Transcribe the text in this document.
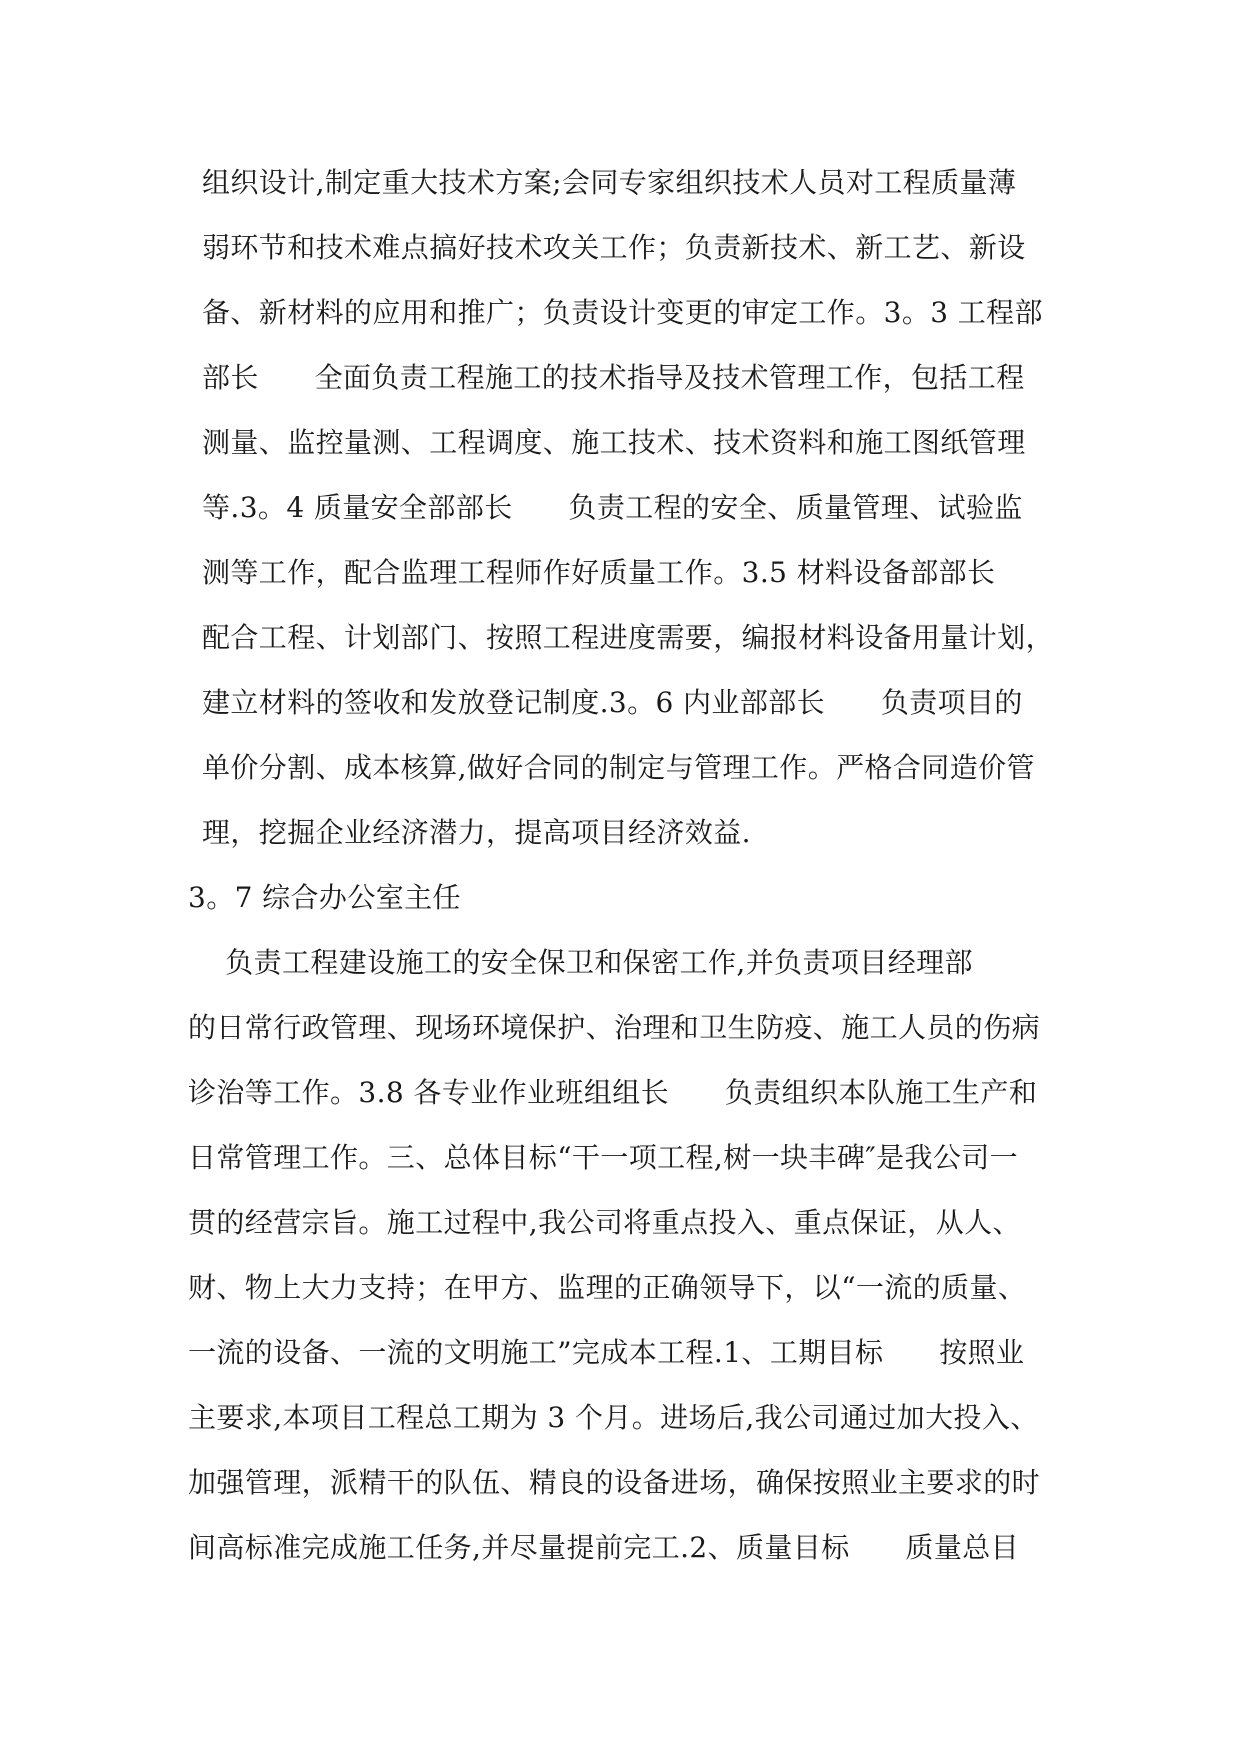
组织设计,制定重大技术方案;会同专家组织技术人员对工程质量薄
弱环节和技术难点搞好技术攻关工作；负责新技术、新工艺、新设
备、新材料的应用和推广；负责设计变更的审定工作。3。3 工程部
部长      全面负责工程施工的技术指导及技术管理工作，包括工程
测量、监控量测、工程调度、施工技术、技术资料和施工图纸管理
等.3。4 质量安全部部长      负责工程的安全、质量管理、试验监
测等工作，配合监理工程师作好质量工作。3.5 材料设备部部长
配合工程、计划部门、按照工程进度需要，编报材料设备用量计划，
建立材料的签收和发放登记制度.3。6 内业部部长      负责项目的
单价分割、成本核算,做好合同的制定与管理工作。严格合同造价管
理，挖掘企业经济潜力，提高项目经济效益.
3。7 综合办公室主任
负责工程建设施工的安全保卫和保密工作,并负责项目经理部
的日常行政管理、现场环境保护、治理和卫生防疫、施工人员的伤病
诊治等工作。3.8 各专业作业班组组长      负责组织本队施工生产和
日常管理工作。三、总体目标“干一项工程,树一块丰碑″是我公司一
贯的经营宗旨。施工过程中,我公司将重点投入、重点保证，从人、
财、物上大力支持；在甲方、监理的正确领导下，以“一流的质量、
一流的设备、一流的文明施工”完成本工程.1、工期目标      按照业
主要求,本项目工程总工期为 3 个月。进场后,我公司通过加大投入、
加强管理，派精干的队伍、精良的设备进场，确保按照业主要求的时
间高标准完成施工任务,并尽量提前完工.2、质量目标      质量总目
